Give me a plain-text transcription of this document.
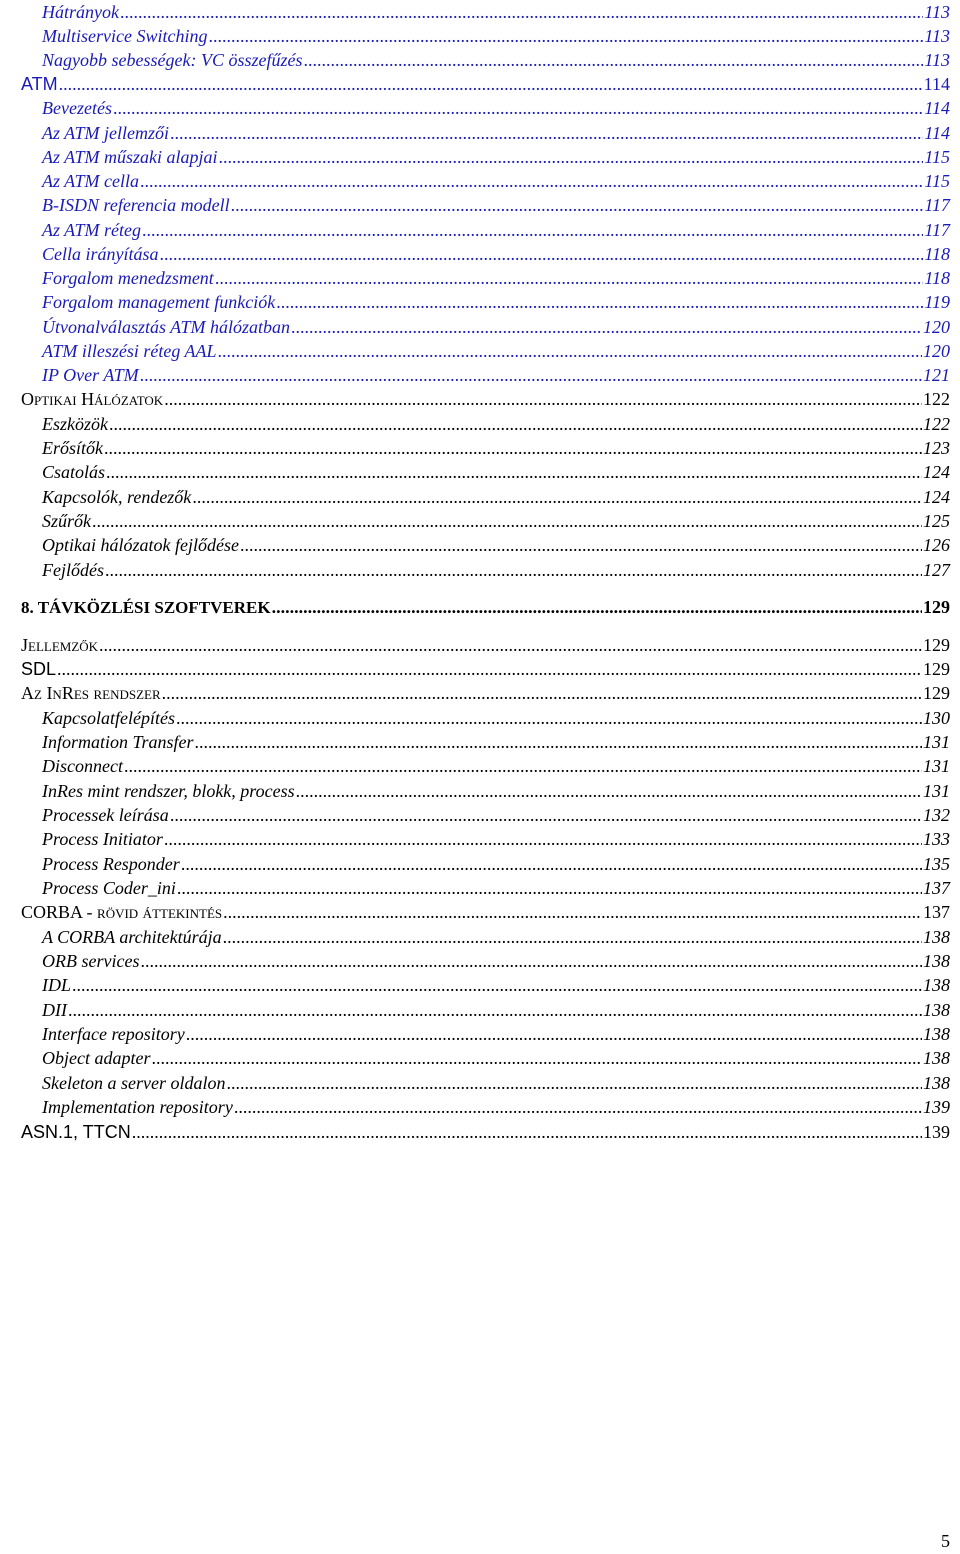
Hátrányok .....	113
Multiservice Switching .....	113
Nagyobb sebességek: VC összefűzés .....	113
ATM .....	114
Bevezetés .....	114
Az ATM jellemzői .....	114
Az ATM műszaki alapjai .....	115
Az ATM cella .....	115
B-ISDN referencia modell .....	117
Az ATM réteg .....	117
Cella irányítása .....	118
Forgalom menedzsment .....	118
Forgalom management funkciók .....	119
Útvonalválasztás ATM hálózatban .....	120
ATM illeszési réteg AAL .....	120
IP Over ATM .....	121
Optikai Hálózatok .....	122
Eszközök .....	122
Erősítők .....	123
Csatolás .....	124
Kapcsolók, rendezők .....	124
Szűrők .....	125
Optikai hálózatok fejlődése .....	126
Fejlődés .....	127
8. TÁVKÖZLÉSI SZOFTVEREK .....	129
Jellemzők .....	129
SDL .....	129
Az InRes rendszer .....	129
Kapcsolatfelépítés .....	130
Information Transfer .....	131
Disconnect .....	131
InRes mint rendszer, blokk, process .....	131
Processek leírása .....	132
Process Initiator .....	133
Process Responder .....	135
Process Coder_ini .....	137
CORBA - rövid áttekintés .....	137
A CORBA architektúrája .....	138
ORB services .....	138
IDL .....	138
DII .....	138
Interface repository .....	138
Object adapter .....	138
Skeleton a server oldalon .....	138
Implementation repository .....	139
ASN.1, TTCN .....	139
5
